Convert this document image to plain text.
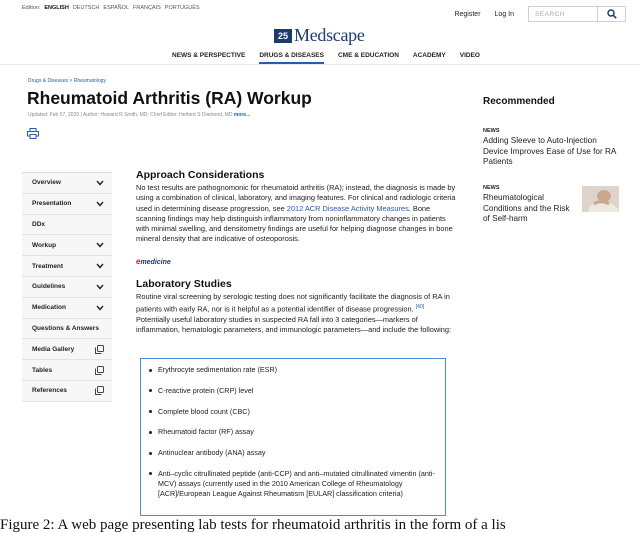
Edition: ENGLISH DEUTSCH ESPAÑOL FRANÇAIS PORTUGUÊS
Register Log In	SEARCH
25 Medscape
NEWS & PERSPECTIVE DRUGS & DISEASES CME & EDUCATION ACADEMY VIDEO
Drugs & Diseases > Rheumatology
Rheumatoid Arthritis (RA) Workup
Updated: Feb 07, 2020 | Author: Howard R Smith, MD; Chief Editor: Herbert S Diamond, MD more...
Overview
Presentation
DDx
Workup
Treatment
Guidelines
Medication
Questions & Answers
Media Gallery
Tables
References
Approach Considerations

No test results are pathognomonic for rheumatoid arthritis (RA); instead, the diagnosis is made by using a combination of clinical, laboratory, and imaging features. For clinical and radiologic criteria used in determining disease progression, see 2012 ACR Disease Activity Measures. Bone scanning findings may help distinguish inflammatory from noninflammatory changes in patients with minimal swelling, and densitometry findings are useful for helping diagnose changes in bone mineral density that are indicative of osteoporosis.

emedicine
Laboratory Studies

Routine viral screening by serologic testing does not significantly facilitate the diagnosis of RA in patients with early RA, nor is it helpful as a potential identifier of disease progression. [40] Potentially useful laboratory studies in suspected RA fall into 3 categories—markers of inflammation, hematologic parameters, and immunologic parameters—and include the following:

Erythrocyte sedimentation rate (ESR)
C-reactive protein (CRP) level
Complete blood count (CBC)
Rheumatoid factor (RF) assay
Antinuclear antibody (ANA) assay
Anti–cyclic citrullinated peptide (anti-CCP) and anti–mutated citrullinated vimentin (anti-MCV) assays (currently used in the 2010 American College of Rheumatology [ACR]/European League Against Rheumatism [EULAR] classification criteria)
Recommended
NEWS
Adding Sleeve to Auto-Injection Device Improves Ease of Use for RA Patients
NEWS
Rheumatological Conditions and the Risk of Self-harm
Figure 2: A web page presenting lab tests for rheumatoid arthritis in the form of a lis
